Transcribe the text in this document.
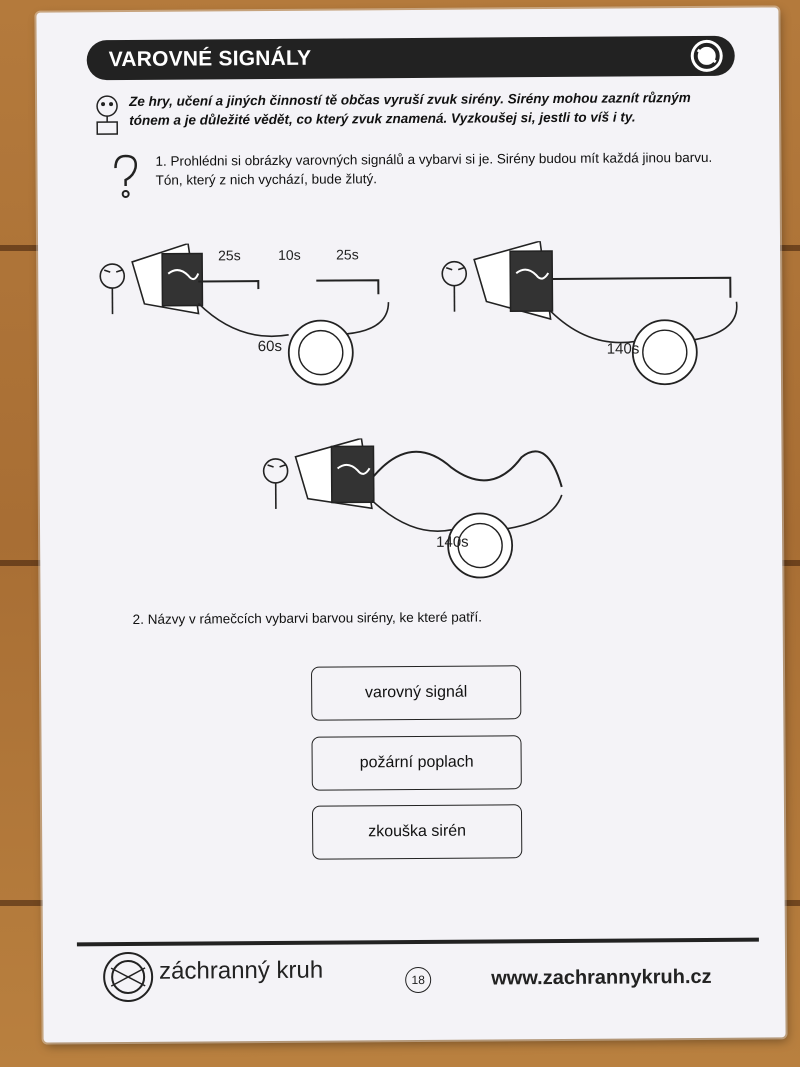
VAROVNÉ SIGNÁLY
Ze hry, učení a jiných činností tě občas vyruší zvuk sirény. Sirény mohou zaznít různým tónem a je důležité vědět, co který zvuk znamená. Vyzkoušej si, jestli to víš i ty.
1. Prohlédni si obrázky varovných signálů a vybarvi si je. Sirény budou mít každá jinou barvu. Tón, který z nich vychází, bude žlutý.
25s	10s	25s
60s	140s
140s
2. Názvy v rámečcích vybarvi barvou sirény, ke které patří.
varovný signál
požární poplach
zkouška sirén
záchranný kruh	18	www.zachrannykruh.cz
